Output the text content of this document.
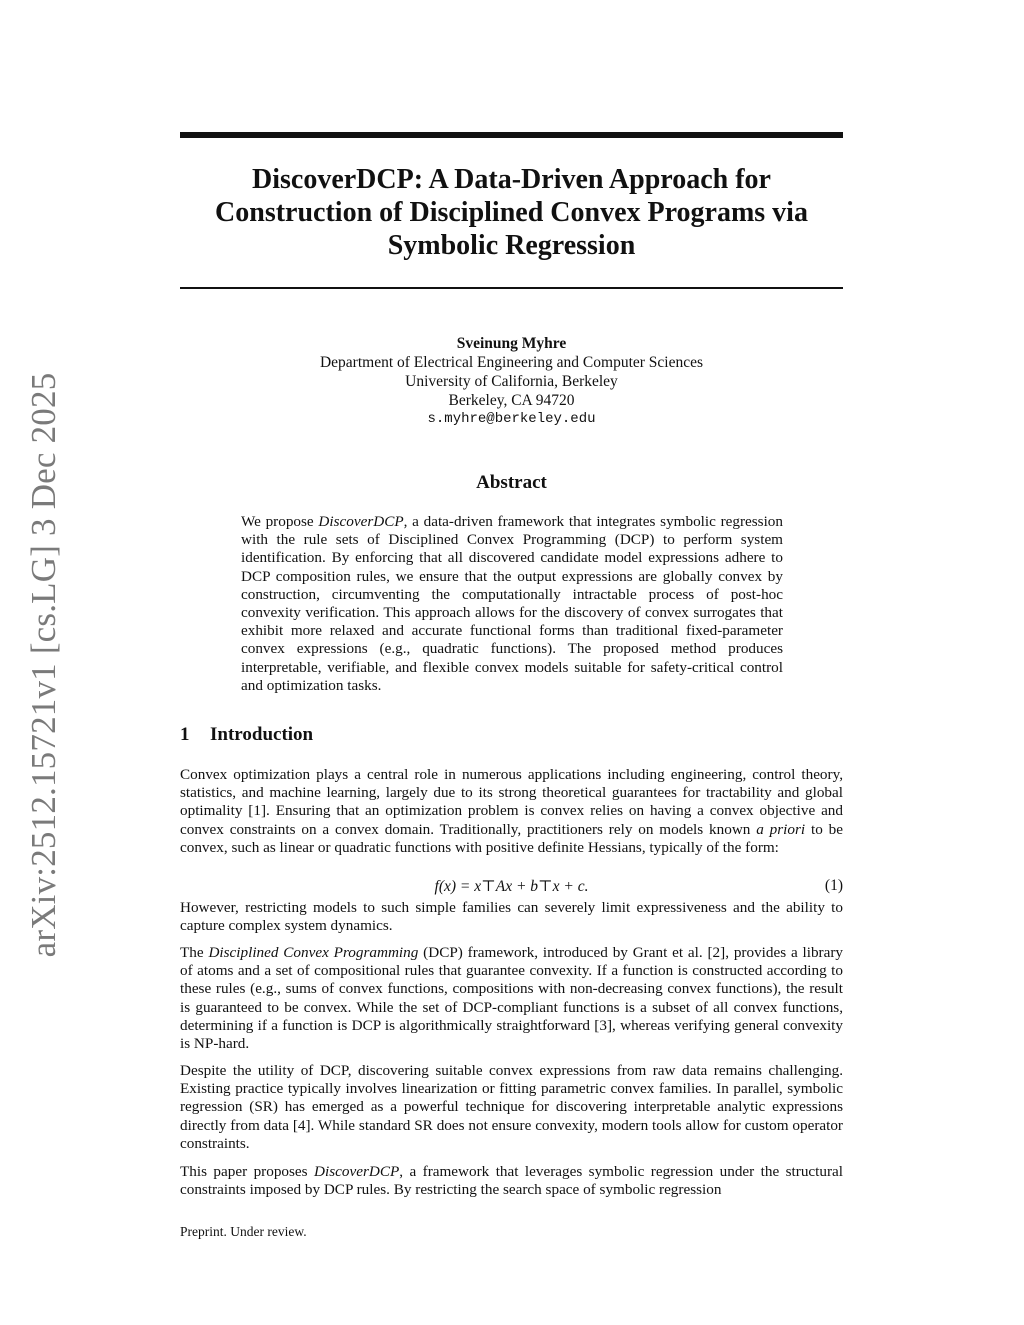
arXiv:2512.15721v1 [cs.LG] 3 Dec 2025
DiscoverDCP: A Data-Driven Approach for
Construction of Disciplined Convex Programs via
Symbolic Regression
Sveinung Myhre
Department of Electrical Engineering and Computer Sciences
University of California, Berkeley
Berkeley, CA 94720
s.myhre@berkeley.edu
Abstract
We propose DiscoverDCP, a data-driven framework that integrates symbolic regression with the rule sets of Disciplined Convex Programming (DCP) to perform system identification. By enforcing that all discovered candidate model expressions adhere to DCP composition rules, we ensure that the output expressions are globally convex by construction, circumventing the computationally intractable process of post-hoc convexity verification. This approach allows for the discovery of convex surrogates that exhibit more relaxed and accurate functional forms than traditional fixed-parameter convex expressions (e.g., quadratic functions). The proposed method produces interpretable, verifiable, and flexible convex models suitable for safety-critical control and optimization tasks.
1 Introduction
Convex optimization plays a central role in numerous applications including engineering, control theory, statistics, and machine learning, largely due to its strong theoretical guarantees for tractability and global optimality [1]. Ensuring that an optimization problem is convex relies on having a convex objective and convex constraints on a convex domain. Traditionally, practitioners rely on models known a priori to be convex, such as linear or quadratic functions with positive definite Hessians, typically of the form:
f(x) = x⊤Ax + b⊤x + c.	(1)
However, restricting models to such simple families can severely limit expressiveness and the ability to capture complex system dynamics.
The Disciplined Convex Programming (DCP) framework, introduced by Grant et al. [2], provides a library of atoms and a set of compositional rules that guarantee convexity. If a function is constructed according to these rules (e.g., sums of convex functions, compositions with non-decreasing convex functions), the result is guaranteed to be convex. While the set of DCP-compliant functions is a subset of all convex functions, determining if a function is DCP is algorithmically straightforward [3], whereas verifying general convexity is NP-hard.
Despite the utility of DCP, discovering suitable convex expressions from raw data remains challenging. Existing practice typically involves linearization or fitting parametric convex families. In parallel, symbolic regression (SR) has emerged as a powerful technique for discovering interpretable analytic expressions directly from data [4]. While standard SR does not ensure convexity, modern tools allow for custom operator constraints.
This paper proposes DiscoverDCP, a framework that leverages symbolic regression under the structural constraints imposed by DCP rules. By restricting the search space of symbolic regression
Preprint. Under review.
